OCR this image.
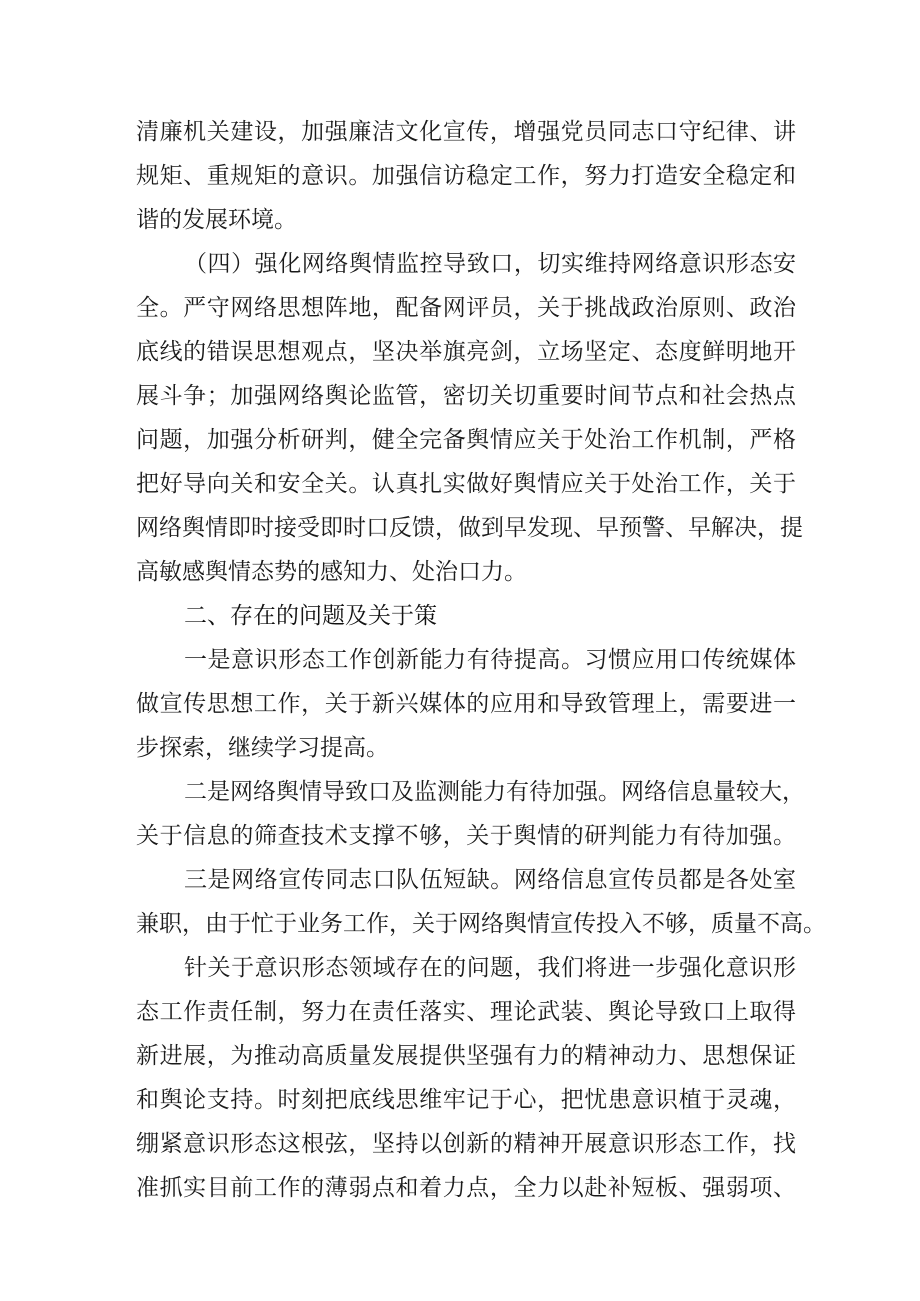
清廉机关建设，加强廉洁文化宣传，增强党员同志口守纪律、讲
规矩、重规矩的意识。加强信访稳定工作，努力打造安全稳定和
谐的发展环境。
（四）强化网络舆情监控导致口，切实维持网络意识形态安
全。严守网络思想阵地，配备网评员，关于挑战政治原则、政治
底线的错误思想观点，坚决举旗亮剑，立场坚定、态度鲜明地开
展斗争；加强网络舆论监管，密切关切重要时间节点和社会热点
问题，加强分析研判，健全完备舆情应关于处治工作机制，严格
把好导向关和安全关。认真扎实做好舆情应关于处治工作，关于
网络舆情即时接受即时口反馈，做到早发现、早预警、早解决，提
高敏感舆情态势的感知力、处治口力。
二、存在的问题及关于策
一是意识形态工作创新能力有待提高。习惯应用口传统媒体
做宣传思想工作，关于新兴媒体的应用和导致管理上，需要进一
步探索，继续学习提高。
二是网络舆情导致口及监测能力有待加强。网络信息量较大，
关于信息的筛查技术支撑不够，关于舆情的研判能力有待加强。
三是网络宣传同志口队伍短缺。网络信息宣传员都是各处室
兼职，由于忙于业务工作，关于网络舆情宣传投入不够，质量不高。
针关于意识形态领域存在的问题，我们将进一步强化意识形
态工作责任制，努力在责任落实、理论武装、舆论导致口上取得
新进展，为推动高质量发展提供坚强有力的精神动力、思想保证
和舆论支持。时刻把底线思维牢记于心，把忧患意识植于灵魂，
绷紧意识形态这根弦，坚持以创新的精神开展意识形态工作，找
准抓实目前工作的薄弱点和着力点，全力以赴补短板、强弱项、
